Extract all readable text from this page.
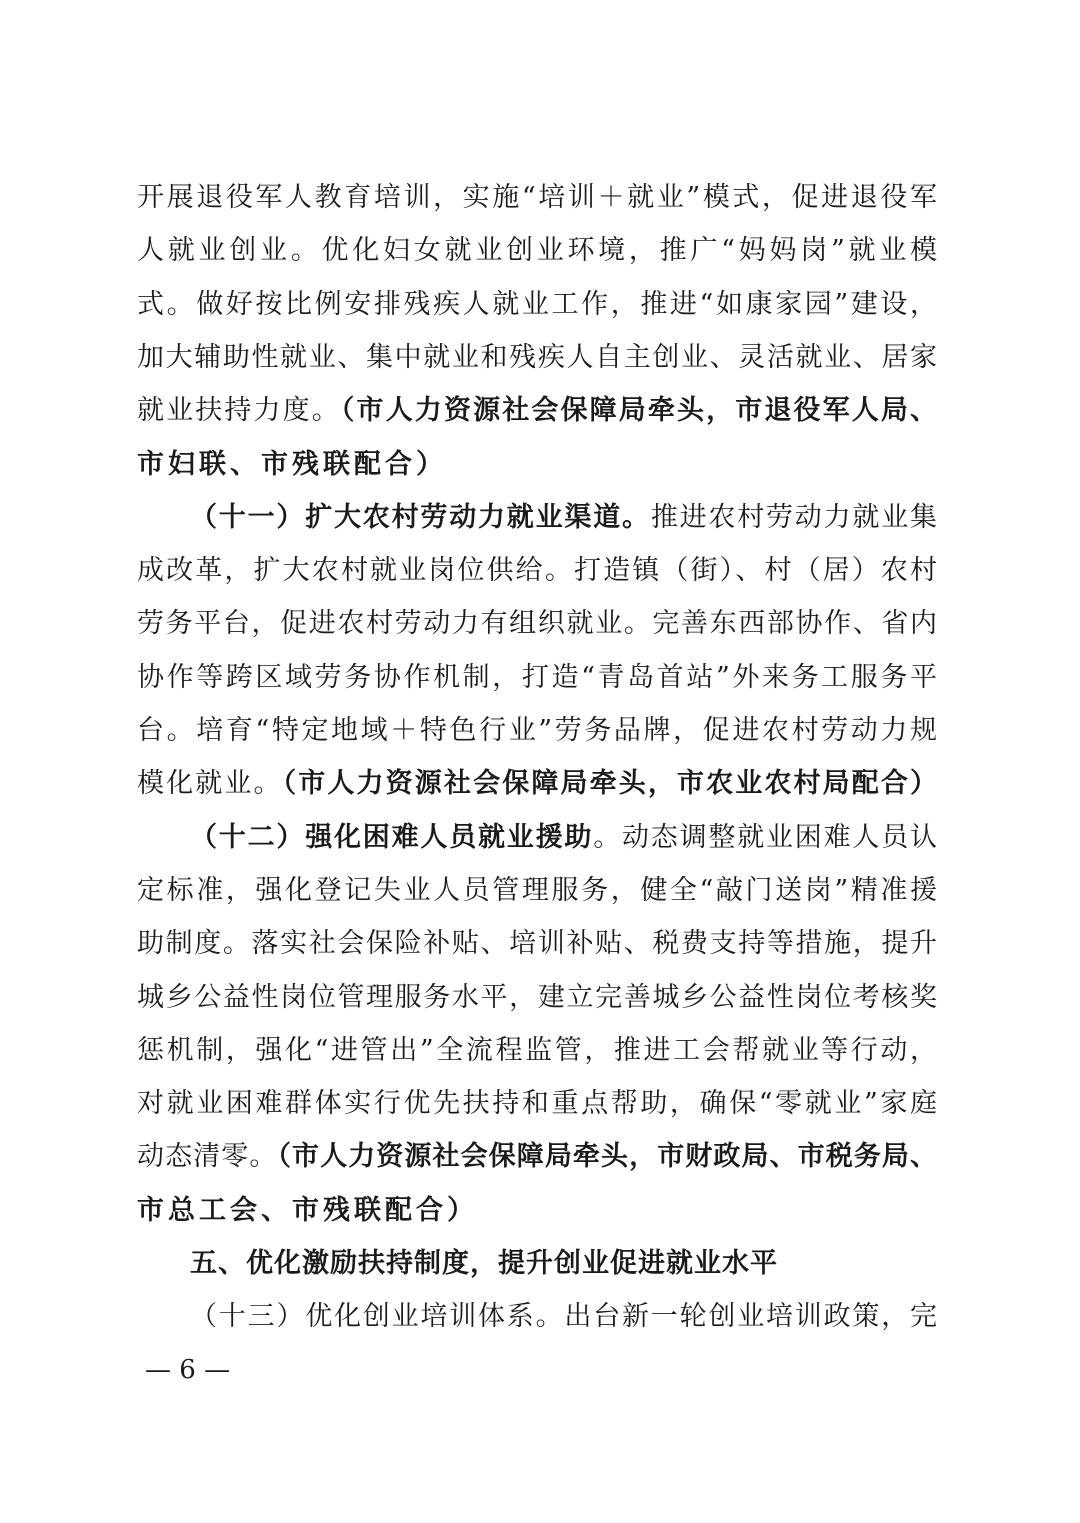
开展退役军人教育培训，实施“培训＋就业”模式，促进退役军
人就业创业。优化妇女就业创业环境，推广“妈妈岗”就业模
式。做好按比例安排残疾人就业工作，推进“如康家园”建设，
加大辅助性就业、集中就业和残疾人自主创业、灵活就业、居家
就业扶持力度。（市人力资源社会保障局牵头，市退役军人局、
市妇联、市残联配合）
（十一）扩大农村劳动力就业渠道。推进农村劳动力就业集
成改革，扩大农村就业岗位供给。打造镇（街）、村（居）农村
劳务平台，促进农村劳动力有组织就业。完善东西部协作、省内
协作等跨区域劳务协作机制，打造“青岛首站”外来务工服务平
台。培育“特定地域＋特色行业”劳务品牌，促进农村劳动力规
模化就业。（市人力资源社会保障局牵头，市农业农村局配合）
（十二）强化困难人员就业援助。动态调整就业困难人员认
定标准，强化登记失业人员管理服务，健全“敲门送岗”精准援
助制度。落实社会保险补贴、培训补贴、税费支持等措施，提升
城乡公益性岗位管理服务水平，建立完善城乡公益性岗位考核奖
惩机制，强化“进管出”全流程监管，推进工会帮就业等行动，
对就业困难群体实行优先扶持和重点帮助，确保“零就业”家庭
动态清零。（市人力资源社会保障局牵头，市财政局、市税务局、
市总工会、市残联配合）
五、优化激励扶持制度，提升创业促进就业水平
（十三）优化创业培训体系。出台新一轮创业培训政策，完
— 6 —
